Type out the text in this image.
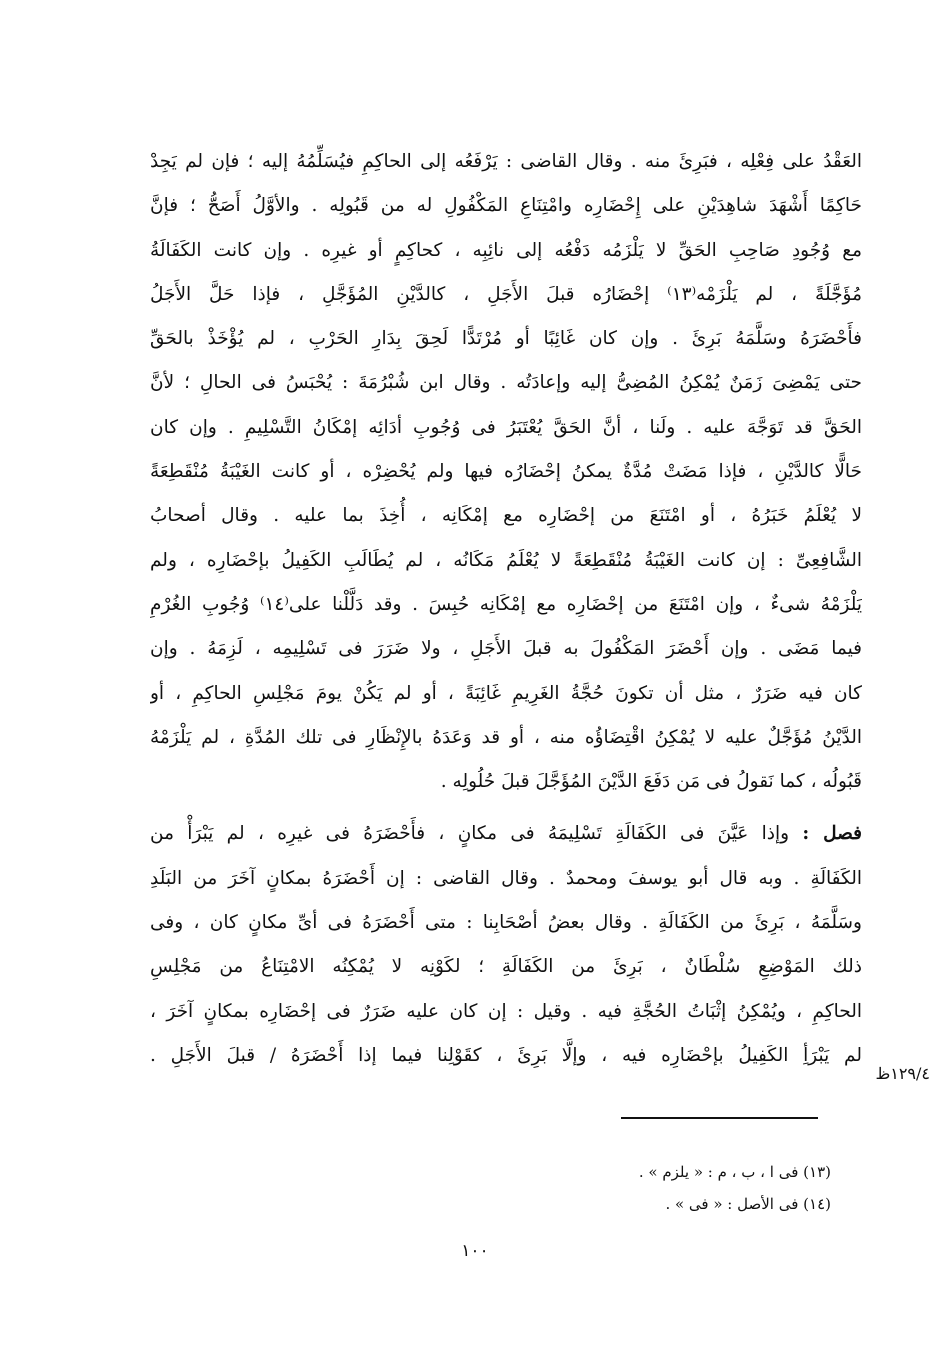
العَقْدُ على فِعْلِه ، فبَرِئَ منه . وقال القاضى : يَرْفَعُه إلى الحاكِمِ فيُسَلِّمُهُ إليه ؛ فإن لم يَجِدْ
حَاكِمًا أَشْهَدَ شاهِدَيْنِ على إِحْضَارِه وامْتِنَاعِ المَكْفُولِ له من قَبُولِه . والأوَّلُ أَصَحُّ ؛ فإنَّ
مع وُجُودِ صَاحِبِ الحَقِّ لا يَلْزَمُه دَفْعُه إلى نائِبِه ، كحاكِمٍ أو غيرِه . وإن كانت الكَفَالَةُ
مُؤَجَّلَةً ، لم يَلْزَمْه⁽١٣⁾ إحْضَارُه قبلَ الأَجَلِ ، كالدَّيْنِ المُؤَجَّلِ ، فإذا حَلَّ الأَجَلُ
فأَحْضَرَهُ وسَلَّمَهُ بَرِئَ . وإن كان غَائِبًا أو مُرْتَدًّا لَحِقَ بِدَارِ الحَرْبِ ، لم يُؤْخَذْ بالحَقِّ
حتى يَمْضِىَ زَمَنٌ يُمْكِنُ المُضِىُّ إليه وإعادَتُه . وقال ابن شُبْرُمَةَ : يُحْبَسُ فى الحالِ ؛ لأنَّ
الحَقَّ قد تَوَجَّهَ عليه . ولَنا ، أنَّ الحَقَّ يُعْتَبَرُ فى وُجُوبِ أدَائِه إمْكَانُ التَّسْلِيمِ . وإن كان
حَالًّا كالدَّيْنِ ، فإذا مَضَتْ مُدَّةٌ يمكنُ إحْضَارُه فيها ولم يُحْضِرْه ، أو كانت الغَيْبَةُ مُنْقَطِعَةً
لا يُعْلَمُ خَبَرُهُ ، أو امْتَنَعَ من إحْضَارِه مع إمْكَانِه ، أُخِذَ بما عليه . وقال أصحابُ
الشَّافِعِىِّ : إن كانت الغَيْبَةُ مُنْقَطِعَةً لا يُعْلَمُ مَكَانُه ، لم يُطَالَبِ الكَفِيلُ بإحْضَارِه ، ولم
يَلْزَمْهُ شىءٌ ، وإن امْتَنَعَ من إحْضَارِه مع إمْكَانِه حُبِسَ . وقد دَلَّلْنا على⁽١٤⁾ وُجُوبِ الغُرْمِ
فيما مَضَى . وإن أَحْضَرَ المَكْفُولَ به قبلَ الأَجَلِ ، ولا ضَرَرَ فى تَسْلِيمِه ، لَزِمَهُ . وإن
كان فيه ضَرَرٌ ، مثل أن تكونَ حُجَّةُ الغَرِيمِ غَائِبَةً ، أو لم يَكُنْ يومَ مَجْلِسِ الحاكِمِ ، أو
الدَّيْنُ مُؤَجَّلٌ عليه لا يُمْكِنُ اقْتِضَاؤُه منه ، أو قد وَعَدَهُ بالإِنْظَارِ فى تلك المُدَّةِ ، لم يَلْزَمْهُ
قَبُولُه ، كما نَقولُ فى مَن دَفَعَ الدَّيْنَ المُؤَجَّلَ قبلَ حُلُولِه .
فصل : وإذا عَيَّنَ فى الكَفَالَةِ تَسْلِيمَهُ فى مكانٍ ، فأَحْضَرَهُ فى غيرِه ، لم يَبْرَأْ من
الكَفَالَةِ . وبه قال أبو يوسفَ ومحمدٌ . وقال القاضى : إن أَحْضَرَهُ بمكانٍ آخَرَ من البَلَدِ
وسَلَّمَهُ ، بَرِئَ من الكَفَالَةِ . وقال بعضُ أصْحَابِنا : متى أَحْضَرَهُ فى أىِّ مكانٍ كان ، وفى
ذلك المَوْضِعِ سُلْطَانٌ ، بَرِئَ من الكَفَالَةِ ؛ لكَوْنِه لا يُمْكِنُه الامْتِنَاعُ من مَجْلِسِ
الحاكِمِ ، ويُمْكِنُ إثْبَاتُ الحُجَّةِ فيه . وقيل : إن كان عليه ضَرَرٌ فى إحْضَارِه بمكانٍ آخَرَ ،
لم يَبْرَأِ الكَفِيلُ بإحْضَارِه فيه ، وإلَّا بَرِئَ ، كقَوْلِنا فيما إذا أَحْضَرَهُ / قبلَ الأَجَلِ .
١٢٩/٤ظ
(١٣) فى ا ، ب ، م : « يلزم » .
(١٤) فى الأصل : « فى » .
١٠٠
